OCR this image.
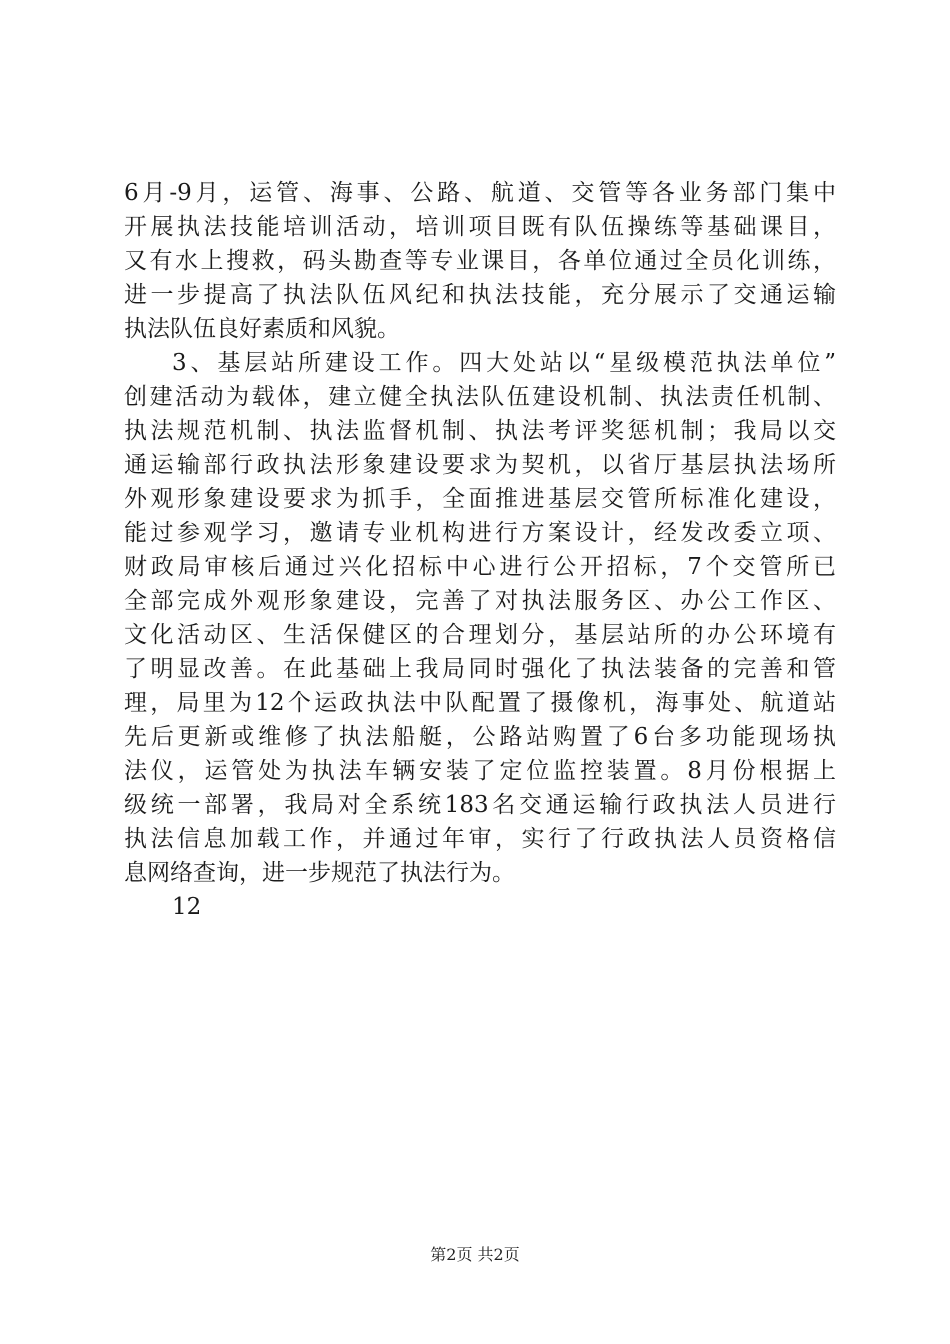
6月-9月，运管、海事、公路、航道、交管等各业务部门集中
开展执法技能培训活动，培训项目既有队伍操练等基础课目，
又有水上搜救，码头勘查等专业课目，各单位通过全员化训练，
进一步提高了执法队伍风纪和执法技能，充分展示了交通运输
执法队伍良好素质和风貌。
3、基层站所建设工作。四大处站以“星级模范执法单位”
创建活动为载体，建立健全执法队伍建设机制、执法责任机制、
执法规范机制、执法监督机制、执法考评奖惩机制；我局以交
通运输部行政执法形象建设要求为契机，以省厅基层执法场所
外观形象建设要求为抓手，全面推进基层交管所标准化建设，
能过参观学习，邀请专业机构进行方案设计，经发改委立项、
财政局审核后通过兴化招标中心进行公开招标，7个交管所已
全部完成外观形象建设，完善了对执法服务区、办公工作区、
文化活动区、生活保健区的合理划分，基层站所的办公环境有
了明显改善。在此基础上我局同时强化了执法装备的完善和管
理，局里为12个运政执法中队配置了摄像机，海事处、航道站
先后更新或维修了执法船艇，公路站购置了6台多功能现场执
法仪，运管处为执法车辆安装了定位监控装置。8月份根据上
级统一部署，我局对全系统183名交通运输行政执法人员进行
执法信息加载工作，并通过年审，实行了行政执法人员资格信
息网络查询，进一步规范了执法行为。
12
第2页 共2页
